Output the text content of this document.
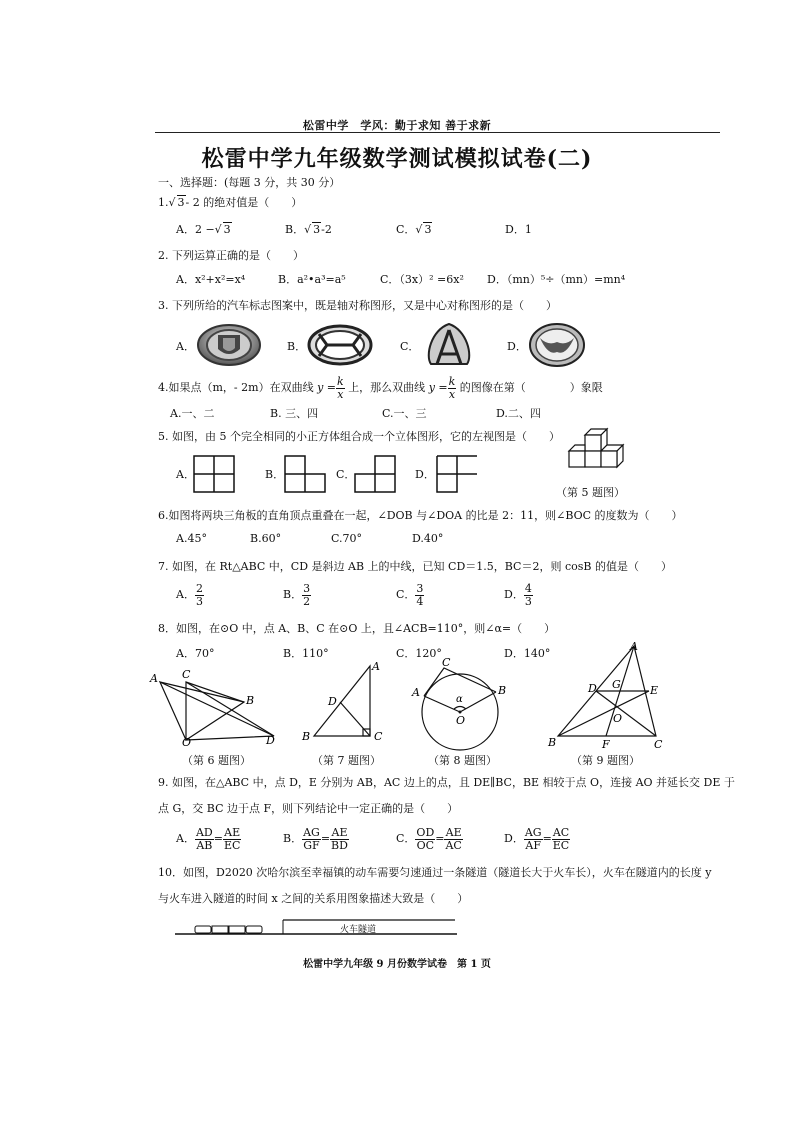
松雷中学　学风：勤于求知 善于求新
松雷中学九年级数学测试模拟试卷(二)
一、选择题：(每题 3 分，共 30 分）
1.√ 3- 2 的绝对值是（　　）
A．2 −√ 3	B．√ 3-2	C．√ 3	D．1
2. 下列运算正确的是（　　）
A．x²+x²=x⁴	B．a²•a³=a⁵	C．（3x）² =6x² D．（mn）⁵÷（mn）=mn⁴
3. 下列所给的汽车标志图案中，既是轴对称图形，又是中心对称图形的是（　　）
A．	B．	C．	D．
4.如果点（m，- 2m）在双曲线 $y = \frac{k}{x}$ 上，那么双曲线 $y = \frac{k}{x}$ 的图像在第（　　　　）象限
A.一、二	B. 三、四	C.一、三	D.二、四
5. 如图，由 5 个完全相同的小正方体组合成一个立体图形，它的左视图是（　　）
A．	B．	C．	D．
（第 5 题图）
6.如图将两块三角板的直角顶点重叠在一起，∠DOB 与∠DOA 的比是 2：11，则∠BOC 的度数为（　　）
A.45°	B.60°	C.70°	D.40°
7. 如图，在 Rt△ABC 中，CD 是斜边 AB 上的中线，已知 CD＝1.5，BC＝2，则 cosB 的值是（　　）
A． $\frac{2}{3}$	B． $\frac{3}{2}$	C． $\frac{3}{4}$	D． $\frac{4}{3}$
8．如图，在⊙O 中，点 A、B、C 在⊙O 上，且∠ACB=110°，则∠α=（　　）
A．70°	B．110°	C．120°	D．140°
A C
B
O	D
（第 6 题图）
A
D
B	C
（第 7 题图）
A
C
B
O
α
（第 8 题图）
A
D G	E
O
B	F	C
（第 9 题图）
9. 如图，在△ABC 中，点 D，E 分别为 AB，AC 边上的点，且 DE∥BC，BE 相较于点 O，连接 AO 并延长交 DE 于
点 G，交 BC 边于点 F，则下列结论中一定正确的是（　　）
A． $\frac{AD}{AB} = \frac{AE}{EC}$	B． $\frac{AG}{GF} = \frac{AE}{BD}$	C． $\frac{OD}{OC} = \frac{AE}{AC}$	D． $\frac{AG}{AF} = \frac{AC}{EC}$
10．如图，D2020 次哈尔滨至幸福镇的动车需要匀速通过一条隧道（隧道长大于火车长），火车在隧道内的长度 y
与火车进入隧道的时间 x 之间的关系用图象描述大致是（　　）
火车隧道
松雷中学九年级 9 月份数学试卷　第 1 页
